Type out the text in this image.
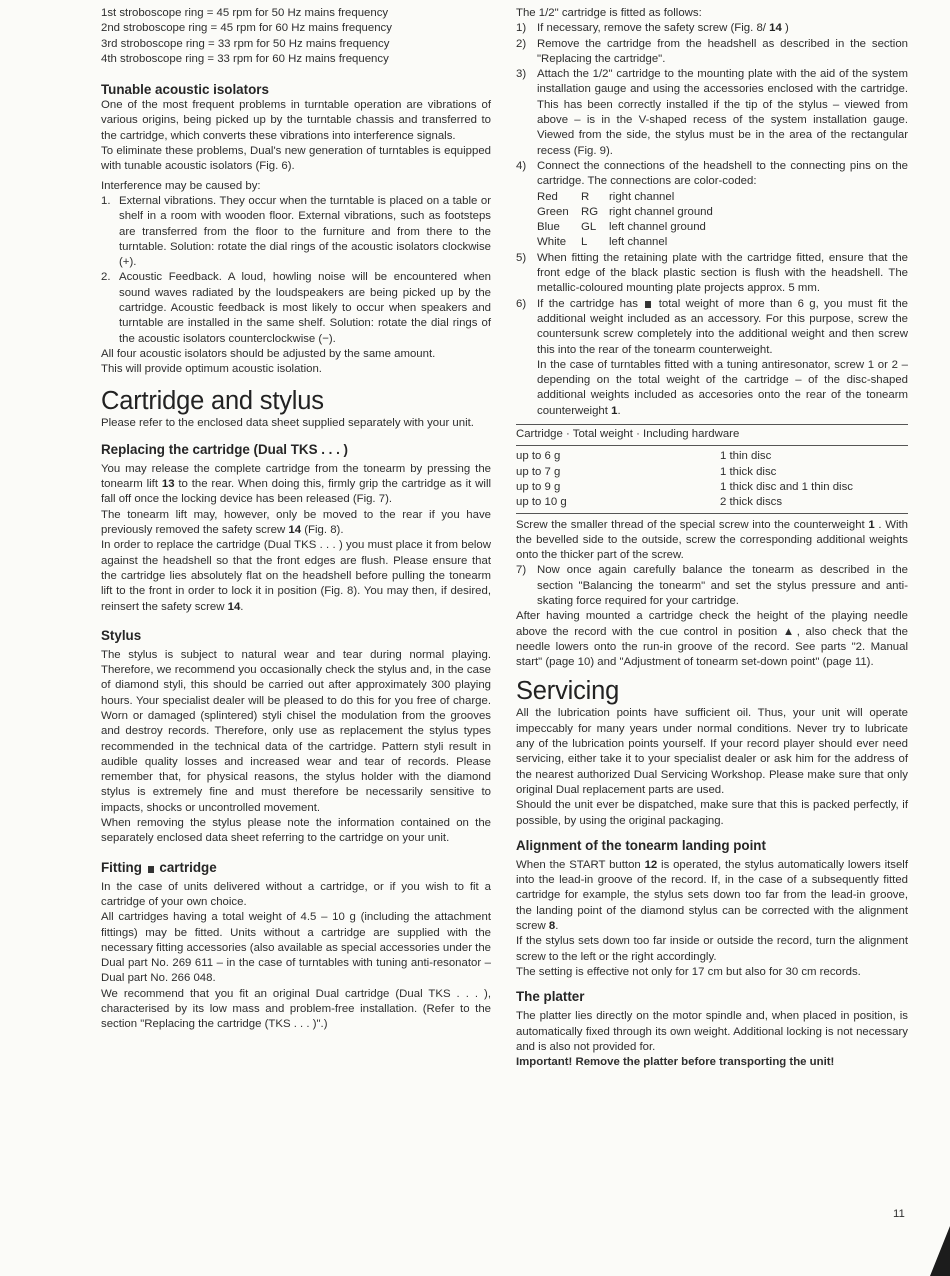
1st stroboscope ring = 45 rpm for 50 Hz mains frequency
2nd stroboscope ring = 45 rpm for 60 Hz mains frequency
3rd stroboscope ring = 33 rpm for 50 Hz mains frequency
4th stroboscope ring = 33 rpm for 60 Hz mains frequency
Tunable acoustic isolators

One of the most frequent problems in turntable operation are vibrations of various origins, being picked up by the turntable chassis and transferred to the cartridge, which converts these vibrations into interference signals.

To eliminate these problems, Dual's new generation of turntables is equipped with tunable acoustic isolators (Fig. 6).

Interference may be caused by:

1. External vibrations. They occur when the turntable is placed on a table or shelf in a room with wooden floor. External vibrations, such as footsteps are transferred from the floor to the furniture and from there to the turntable. Solution: rotate the dial rings of the acoustic isolators clockwise (+).
2. Acoustic Feedback. A loud, howling noise will be encountered when sound waves radiated by the loudspeakers are being picked up by the cartridge. Acoustic feedback is most likely to occur when speakers and turntable are installed in the same shelf. Solution: rotate the dial rings of the acoustic isolators counterclockwise (−).

All four acoustic isolators should be adjusted by the same amount.

This will provide optimum acoustic isolation.

Cartridge and stylus

Please refer to the enclosed data sheet supplied separately with your unit.

Replacing the cartridge (Dual TKS . . . )

You may release the complete cartridge from the tonearm by pressing the tonearm lift 13 to the rear. When doing this, firmly grip the cartridge as it will fall off once the locking device has been released (Fig. 7).

The tonearm lift may, however, only be moved to the rear if you have previously removed the safety screw 14 (Fig. 8).

In order to replace the cartridge (Dual TKS . . . ) you must place it from below against the headshell so that the front edges are flush. Please ensure that the cartridge lies absolutely flat on the headshell before pulling the tonearm lift to the front in order to lock it in position (Fig. 8). You may then, if desired, reinsert the safety screw 14.

Stylus

The stylus is subject to natural wear and tear during normal playing. Therefore, we recommend you occasionally check the stylus and, in the case of diamond styli, this should be carried out after approximately 300 playing hours. Your specialist dealer will be pleased to do this for you free of charge. Worn or damaged (splintered) styli chisel the modulation from the grooves and destroy records. Therefore, only use as replacement the stylus types recommended in the technical data of the cartridge. Pattern styli result in audible quality losses and increased wear and tear of records. Please remember that, for physical reasons, the stylus holder with the diamond stylus is extremely fine and must therefore be necessarily sensitive to impacts, shocks or uncontrolled movement.

When removing the stylus please note the information contained on the separately enclosed data sheet referring to the cartridge on your unit.

Fitting cartridge

In the case of units delivered without a cartridge, or if you wish to fit a cartridge of your own choice.

All cartridges having a total weight of 4.5 – 10 g (including the attachment fittings) may be fitted. Units without a cartridge are supplied with the necessary fitting accessories (also available as special accessories under the Dual part No. 269 611 – in the case of turntables with tuning anti-resonator – Dual part No. 266 048.

We recommend that you fit an original Dual cartridge (Dual TKS . . . ), characterised by its low mass and problem-free installation. (Refer to the section "Replacing the cartridge (TKS . . . )".)

The 1/2" cartridge is fitted as follows:

1) If necessary, remove the safety screw (Fig. 8/ 14 )
2) Remove the cartridge from the headshell as described in the section "Replacing the cartridge".
3) Attach the 1/2" cartridge to the mounting plate with the aid of the system installation gauge and using the accessories enclosed with the cartridge. This has been correctly installed if the tip of the stylus – viewed from above – is in the V-shaped recess of the system installation gauge. Viewed from the side, the stylus must be in the area of the rectangular recess (Fig. 9).
4) Connect the connections of the headshell to the connecting pins on the cartridge. The connections are color-coded:
Red	R	right channel
Green	RG right channel ground
Blue	GL	left channel ground
White	L	left channel
5) When fitting the retaining plate with the cartridge fitted, ensure that the front edge of the black plastic section is flush with the headshell. The metallic-coloured mounting plate projects approx. 5 mm.
6) If the cartridge has total weight of more than 6 g, you must fit the additional weight included as an accessory. For this purpose, screw the countersunk screw completely into the additional weight and then screw this into the rear of the tonearm counterweight.
In the case of turntables fitted with a tuning antiresonator, screw 1 or 2 – depending on the total weight of the cartridge – of the disc-shaped additional weights included as accesories onto the rear of the tonearm counterweight 1.
Cartridge · Total weight · Including hardware
up to 6 g	1 thin disc
up to 7 g	1 thick disc
up to 9 g	1 thick disc and 1 thin disc
up to 10 g	2 thick discs

Screw the smaller thread of the special screw into the counterweight 1 . With the bevelled side to the outside, screw the corresponding additional weights onto the thicker part of the screw.

7) Now once again carefully balance the tonearm as described in the section "Balancing the tonearm" and set the stylus pressure and anti-skating force required for your cartridge.

After having mounted a cartridge check the height of the playing needle above the record with the cue control in position ▲, also check that the needle lowers onto the run-in groove of the record. See parts "2. Manual start" (page 10) and "Adjustment of tonearm set-down point" (page 11).

Servicing

All the lubrication points have sufficient oil. Thus, your unit will operate impeccably for many years under normal conditions. Never try to lubricate any of the lubrication points yourself. If your record player should ever need servicing, either take it to your specialist dealer or ask him for the address of the nearest authorized Dual Servicing Workshop. Please make sure that only original Dual replacement parts are used.

Should the unit ever be dispatched, make sure that this is packed perfectly, if possible, by using the original packaging.

Alignment of the tonearm landing point

When the START button 12 is operated, the stylus automatically lowers itself into the lead-in groove of the record. If, in the case of a subsequently fitted cartridge for example, the stylus sets down too far from the lead-in groove, the landing point of the diamond stylus can be corrected with the alignment screw 8.

If the stylus sets down too far inside or outside the record, turn the alignment screw to the left or the right accordingly.

The setting is effective not only for 17 cm but also for 30 cm records.

The platter

The platter lies directly on the motor spindle and, when placed in position, is automatically fixed through its own weight. Additional locking is not necessary and is also not provided for.

Important! Remove the platter before transporting the unit!

11
